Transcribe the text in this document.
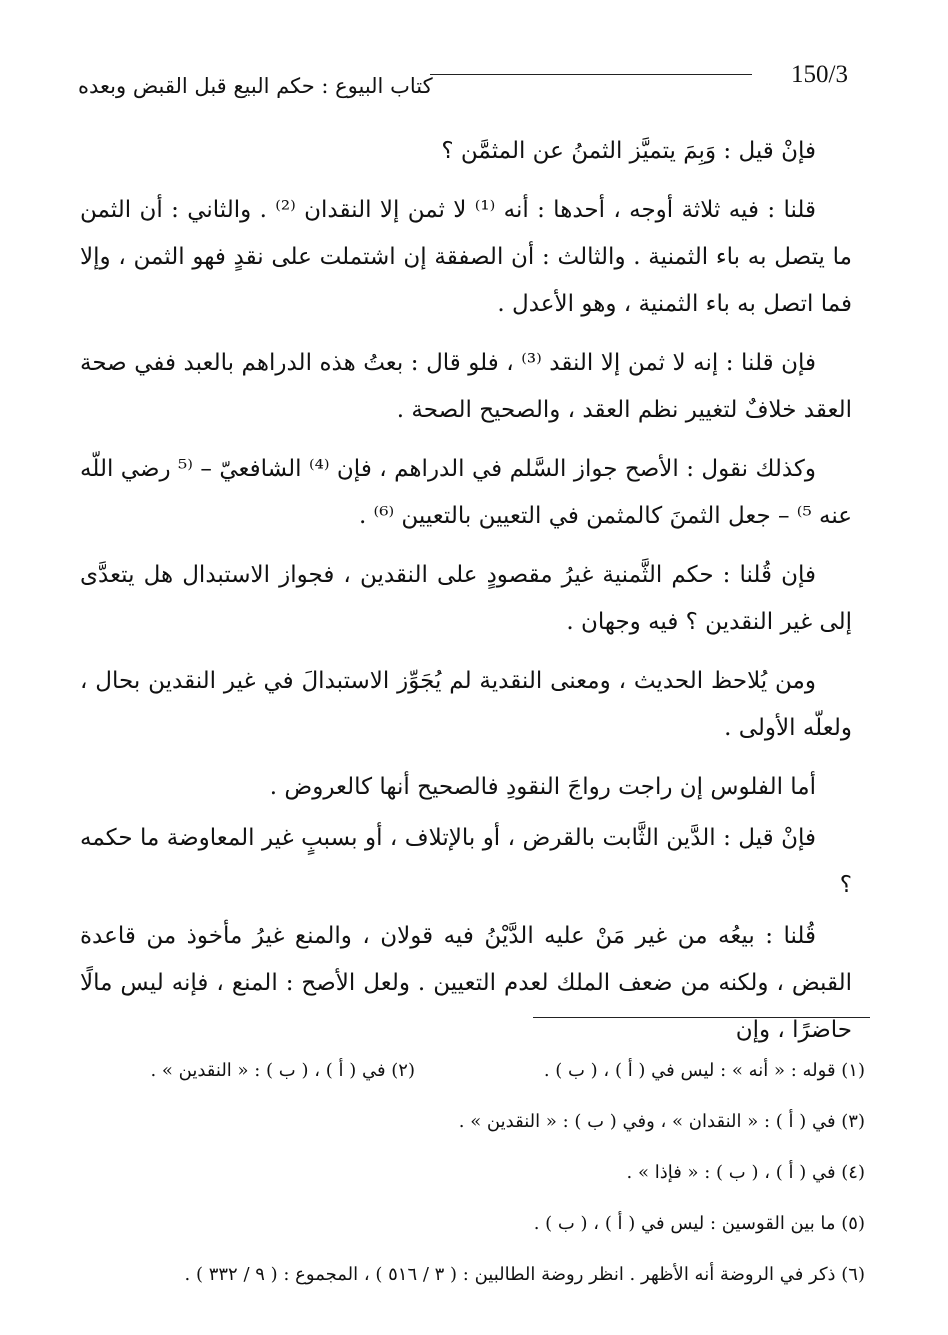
150/3
كتاب البيوع : حكم البيع قبل القبض وبعده

فإنْ قيل : وَبِمَ يتميَّز الثمنُ عن المثمَّن ؟

قلنا : فيه ثلاثة أوجه ، أحدها : أنه ⁽¹⁾ لا ثمن إلا النقدان ⁽²⁾ . والثاني : أن الثمن ما يتصل به باء الثمنية . والثالث : أن الصفقة إن اشتملت على نقدٍ فهو الثمن ، وإلا فما اتصل به باء الثمنية ، وهو الأعدل .

فإن قلنا : إنه لا ثمن إلا النقد ⁽³⁾ ، فلو قال : بعتُ هذه الدراهم بالعبد ففي صحة العقد خلافٌ لتغيير نظم العقد ، والصحيح الصحة .

وكذلك نقول : الأصح جواز السَّلم في الدراهم ، فإن ⁽⁴⁾ الشافعيّ – ⁽⁵ رضي اللّه عنه ⁵⁾ – جعل الثمنَ كالمثمن في التعيين بالتعيين ⁽⁶⁾ .

فإن قُلنا : حكم الثَّمنية غيرُ مقصودٍ على النقدين ، فجواز الاستبدال هل يتعدَّى إلى غير النقدين ؟ فيه وجهان .

ومن يُلاحظ الحديث ، ومعنى النقدية لم يُجَوِّز الاستبدالَ في غير النقدين بحال ، ولعلّه الأولى .

أما الفلوس إن راجت رواجَ النقودِ فالصحيح أنها كالعروض .

فإنْ قيل : الدَّين الثَّابت بالقرض ، أو بالإتلاف ، أو بسببٍ غير المعاوضة ما حكمه ؟

قُلنا : بيعُه من غير مَنْ عليه الدَّيْنُ فيه قولان ، والمنع غيرُ مأخوذ من قاعدة القبض ، ولكنه من ضعف الملك لعدم التعيين . ولعل الأصح : المنع ، فإنه ليس مالًا حاضرًا ، وإن

(١) قوله : « أنه » : ليس في ( أ ) ، ( ب ) .
(٢) في ( أ ) ، ( ب ) : « النقدين » .
(٣) في ( أ ) : « النقدان » ، وفي ( ب ) : « النقدين » .
(٤) في ( أ ) ، ( ب ) : « فإذا » .
(٥) ما بين القوسين : ليس في ( أ ) ، ( ب ) .
(٦) ذكر في الروضة أنه الأظهر . انظر روضة الطالبين : ( ٣ / ٥١٦ ) ، المجموع : ( ٩ / ٣٣٢ ) .
